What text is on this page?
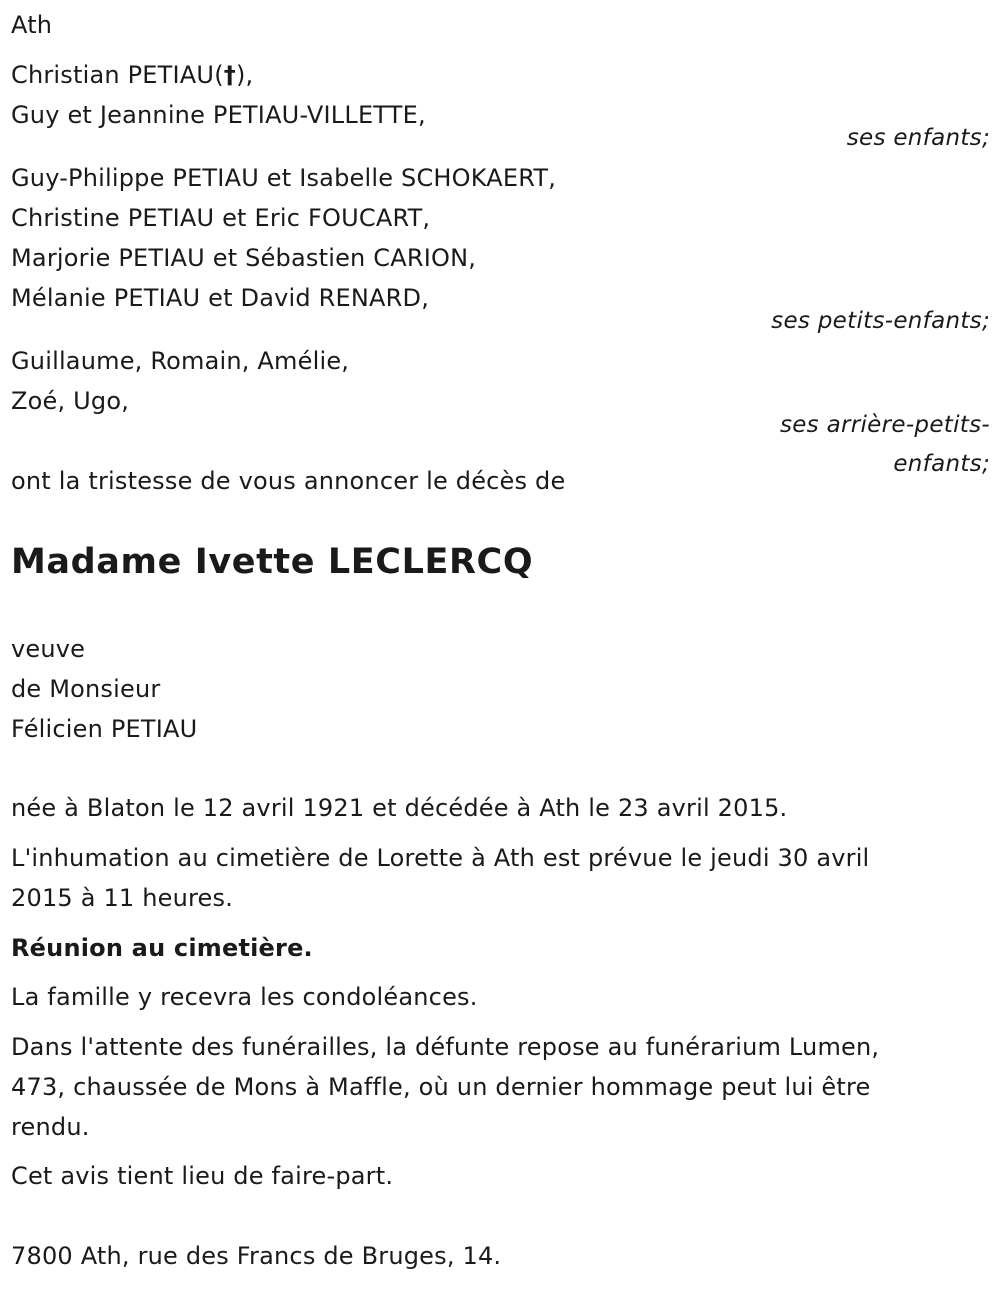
Ath
Christian PETIAU(†),
Guy et Jeannine PETIAU-VILLETTE,
ses enfants;
Guy-Philippe PETIAU et Isabelle SCHOKAERT,
Christine PETIAU et Eric FOUCART,
Marjorie PETIAU et Sébastien CARION,
Mélanie PETIAU et David RENARD,
ses petits-enfants;
Guillaume, Romain, Amélie,
Zoé, Ugo,
ses arrière-petits-
enfants;
ont la tristesse de vous annoncer le décès de
Madame Ivette LECLERCQ
veuve
de Monsieur
Félicien PETIAU
née à Blaton le 12 avril 1921 et décédée à Ath le 23 avril 2015.
L'inhumation au cimetière de Lorette à Ath est prévue le jeudi 30 avril
2015 à 11 heures.
Réunion au cimetière.
La famille y recevra les condoléances.
Dans l'attente des funérailles, la défunte repose au funérarium Lumen,
473, chaussée de Mons à Maffle, où un dernier hommage peut lui être
rendu.
Cet avis tient lieu de faire-part.
7800 Ath, rue des Francs de Bruges, 14.
